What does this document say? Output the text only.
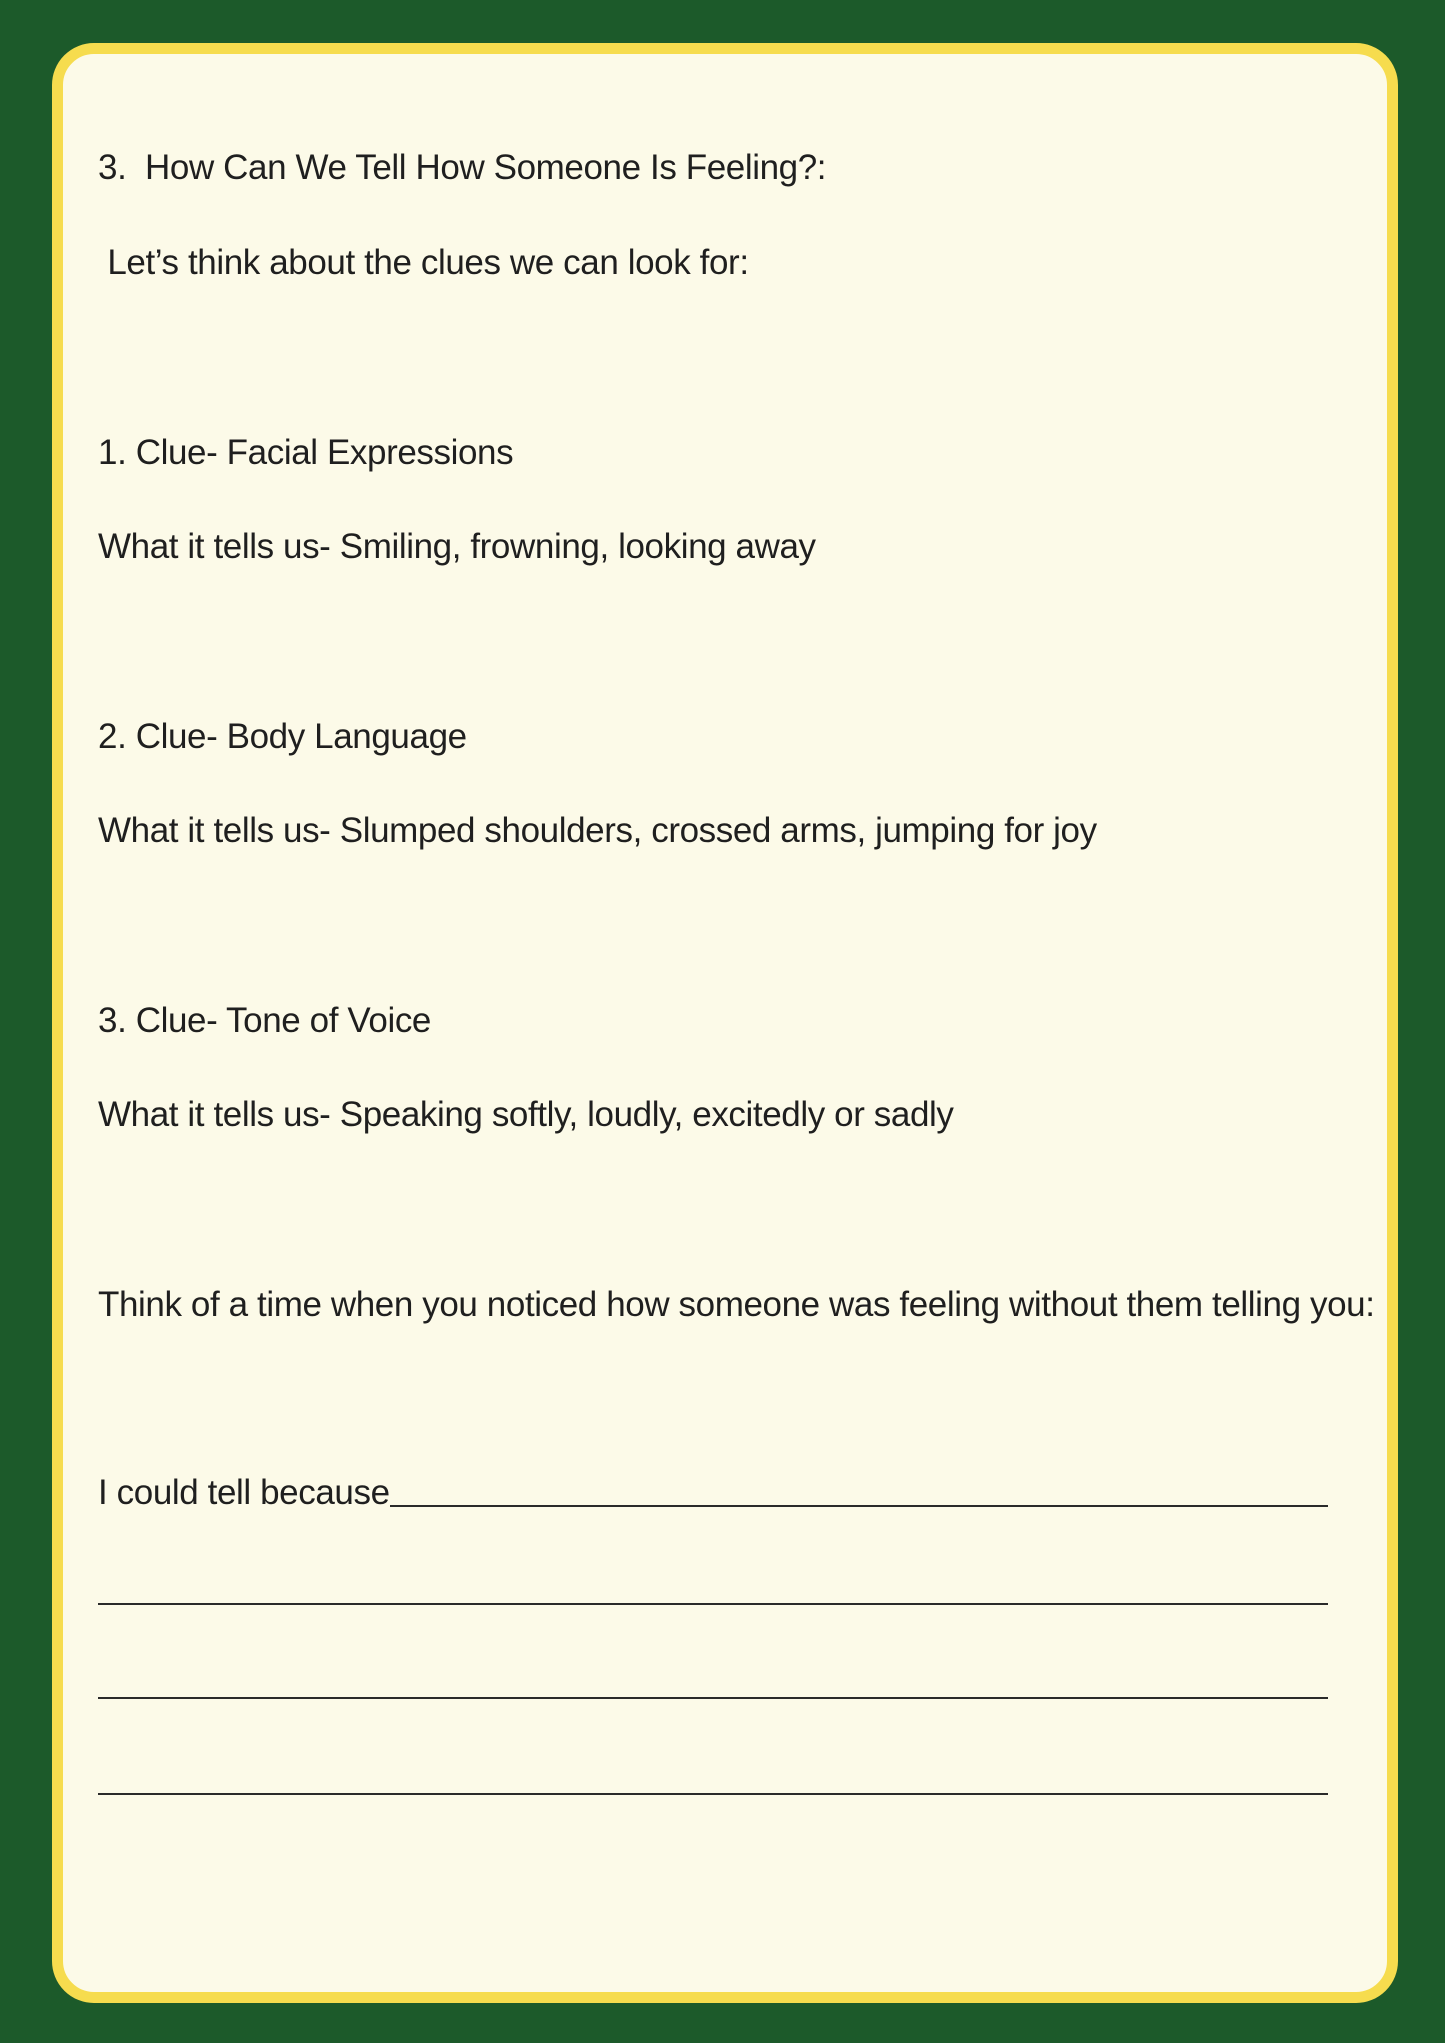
3.  How Can We Tell How Someone Is Feeling?:

Let’s think about the clues we can look for:

1. Clue- Facial Expressions

What it tells us- Smiling, frowning, looking away

2. Clue- Body Language

What it tells us- Slumped shoulders, crossed arms, jumping for joy

3. Clue- Tone of Voice

What it tells us- Speaking softly, loudly, excitedly or sadly

Think of a time when you noticed how someone was feeling without them telling you:

I could tell because
